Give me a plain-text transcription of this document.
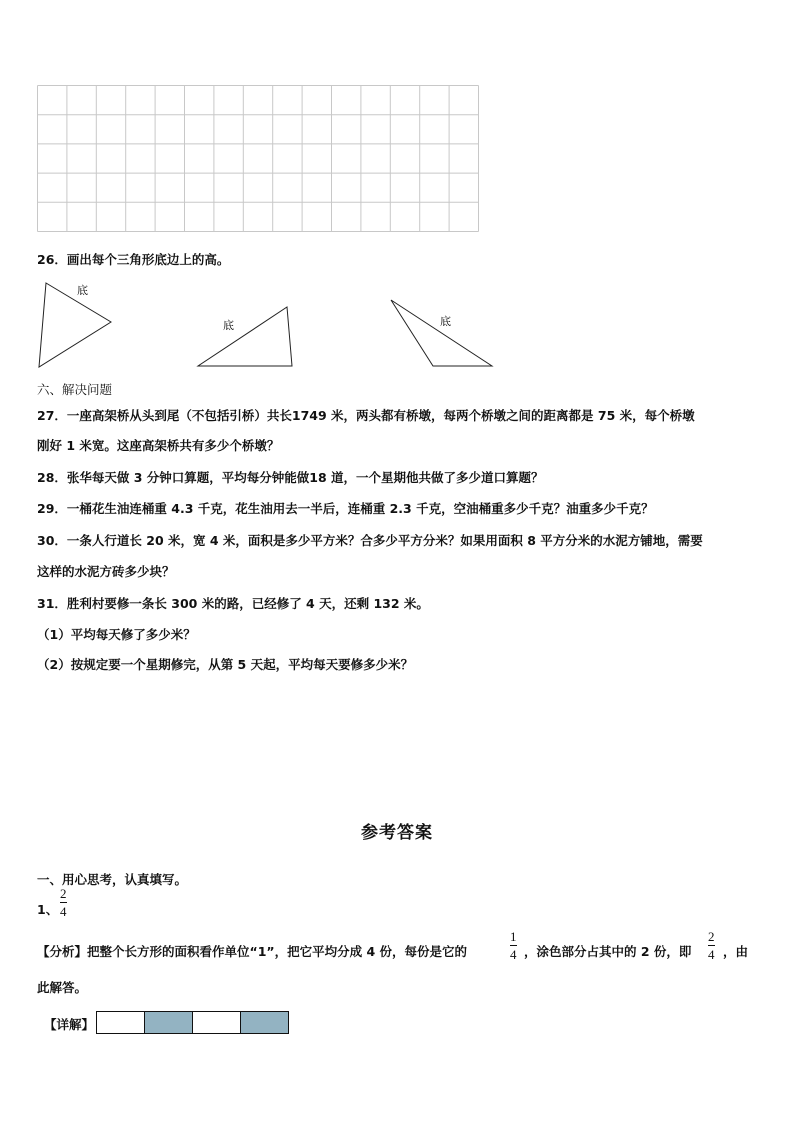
26．画出每个三角形底边上的高。
底
底	底
六、解决问题
27．一座高架桥从头到尾（不包括引桥）共长1749 米，两头都有桥墩，每两个桥墩之间的距离都是 75 米，每个桥墩
刚好 1 米宽。这座高架桥共有多少个桥墩？
28．张华每天做 3 分钟口算题，平均每分钟能做18 道，一个星期他共做了多少道口算题？
29．一桶花生油连桶重 4.3 千克，花生油用去一半后，连桶重 2.3 千克，空油桶重多少千克？油重多少千克？
30．一条人行道长 20 米，宽 4 米，面积是多少平方米？合多少平方分米？如果用面积 8 平方分米的水泥方铺地，需要
这样的水泥方砖多少块？
31．胜利村要修一条长 300 米的路，已经修了 4 天，还剩 132 米。
（1）平均每天修了多少米？
（2）按规定要一个星期修完，从第 5 天起，平均每天要修多少米？
参考答案
一、用心思考，认真填写。
1、
2
4
【分析】把整个长方形的面积看作单位“1”，把它平均分成 4 份，每份是它的
1
4 ，涂色部分占其中的 2 份，即
2
4 ，由
此解答。
【详解】
